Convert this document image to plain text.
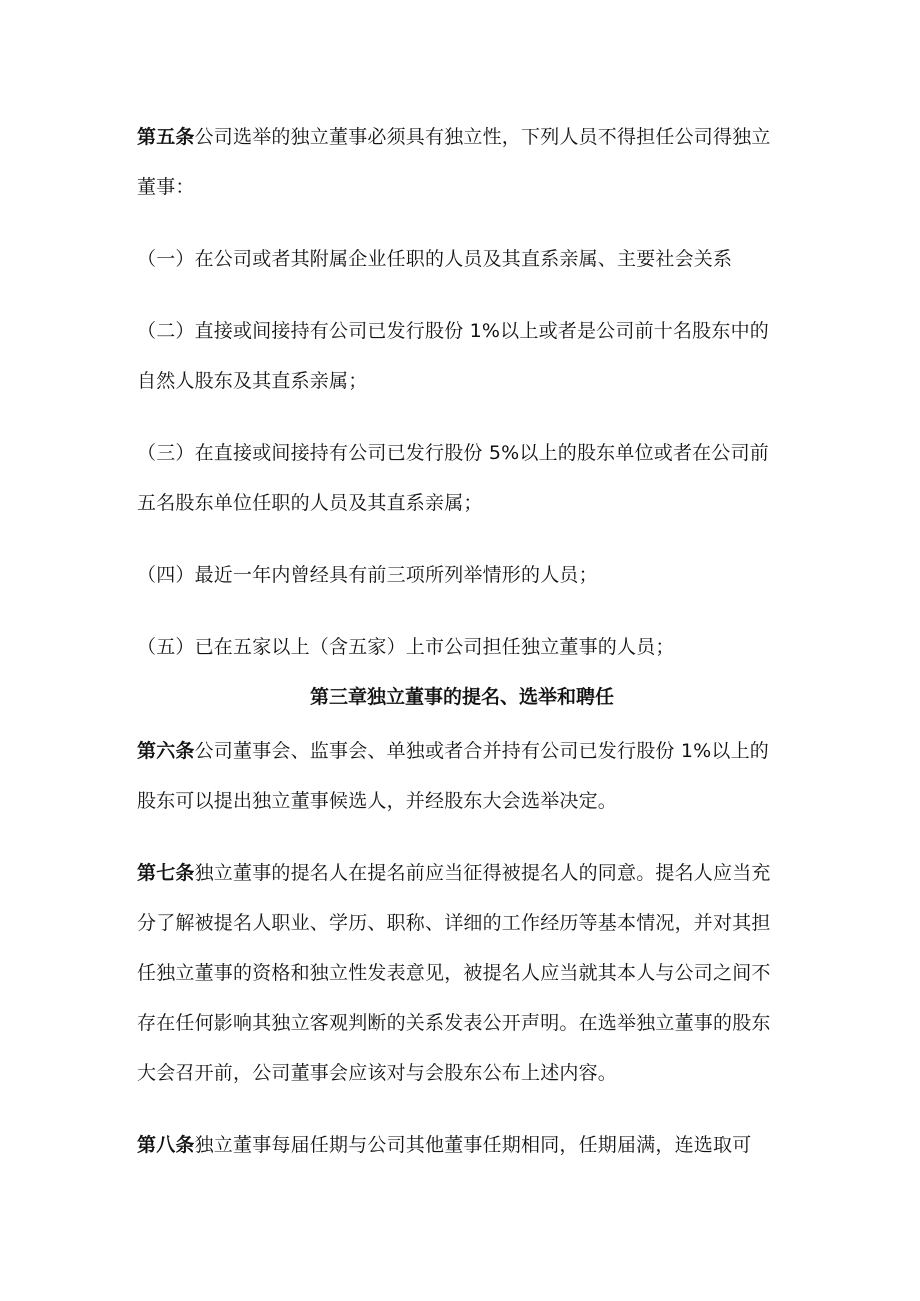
第五条公司选举的独立董事必须具有独立性，下列人员不得担任公司得独立董事：

（一）在公司或者其附属企业任职的人员及其直系亲属、主要社会关系

（二）直接或间接持有公司已发行股份 1%以上或者是公司前十名股东中的自然人股东及其直系亲属；

（三）在直接或间接持有公司已发行股份 5%以上的股东单位或者在公司前五名股东单位任职的人员及其直系亲属；

（四）最近一年内曾经具有前三项所列举情形的人员；

（五）已在五家以上（含五家）上市公司担任独立董事的人员；

第三章独立董事的提名、选举和聘任

第六条公司董事会、监事会、单独或者合并持有公司已发行股份 1%以上的股东可以提出独立董事候选人，并经股东大会选举决定。

第七条独立董事的提名人在提名前应当征得被提名人的同意。提名人应当充分了解被提名人职业、学历、职称、详细的工作经历等基本情况，并对其担任独立董事的资格和独立性发表意见，被提名人应当就其本人与公司之间不存在任何影响其独立客观判断的关系发表公开声明。在选举独立董事的股东大会召开前，公司董事会应该对与会股东公布上述内容。

第八条独立董事每届任期与公司其他董事任期相同，任期届满，连选取可
